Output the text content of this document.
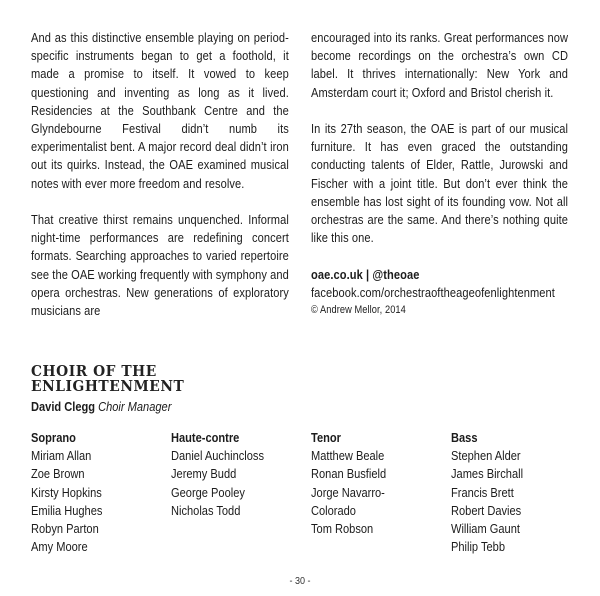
And as this distinctive ensemble playing on period-specific instruments began to get a foothold, it made a promise to itself. It vowed to keep questioning and inventing as long as it lived. Residencies at the Southbank Centre and the Glyndebourne Festival didn’t numb its experimentalist bent. A major record deal didn’t iron out its quirks. Instead, the OAE examined musical notes with ever more freedom and resolve.

That creative thirst remains unquenched. Informal night-time performances are redefining concert formats. Searching approaches to varied repertoire see the OAE working frequently with symphony and opera orchestras. New generations of exploratory musicians are

encouraged into its ranks. Great performances now become recordings on the orchestra’s own CD label. It thrives internationally: New York and Amsterdam court it; Oxford and Bristol cherish it.

In its 27th season, the OAE is part of our musical furniture. It has even graced the outstanding conducting talents of Elder, Rattle, Jurowski and Fischer with a joint title. But don’t ever think the ensemble has lost sight of its founding vow. Not all orchestras are the same. And there’s nothing quite like this one.

oae.co.uk | @theoae
facebook.com/orchestraoftheageofenlightenment
© Andrew Mellor, 2014
CHOIR OF THE
ENLIGHTENMENT
David Clegg Choir Manager
Soprano
Miriam Allan
Zoe Brown
Kirsty Hopkins
Emilia Hughes
Robyn Parton
Amy Moore
Haute-contre
Daniel Auchincloss
Jeremy Budd
George Pooley
Nicholas Todd
Tenor
Matthew Beale
Ronan Busfield
Jorge Navarro-
Colorado
Tom Robson
Bass
Stephen Alder
James Birchall
Francis Brett
Robert Davies
William Gaunt
Philip Tebb
- 30 -
